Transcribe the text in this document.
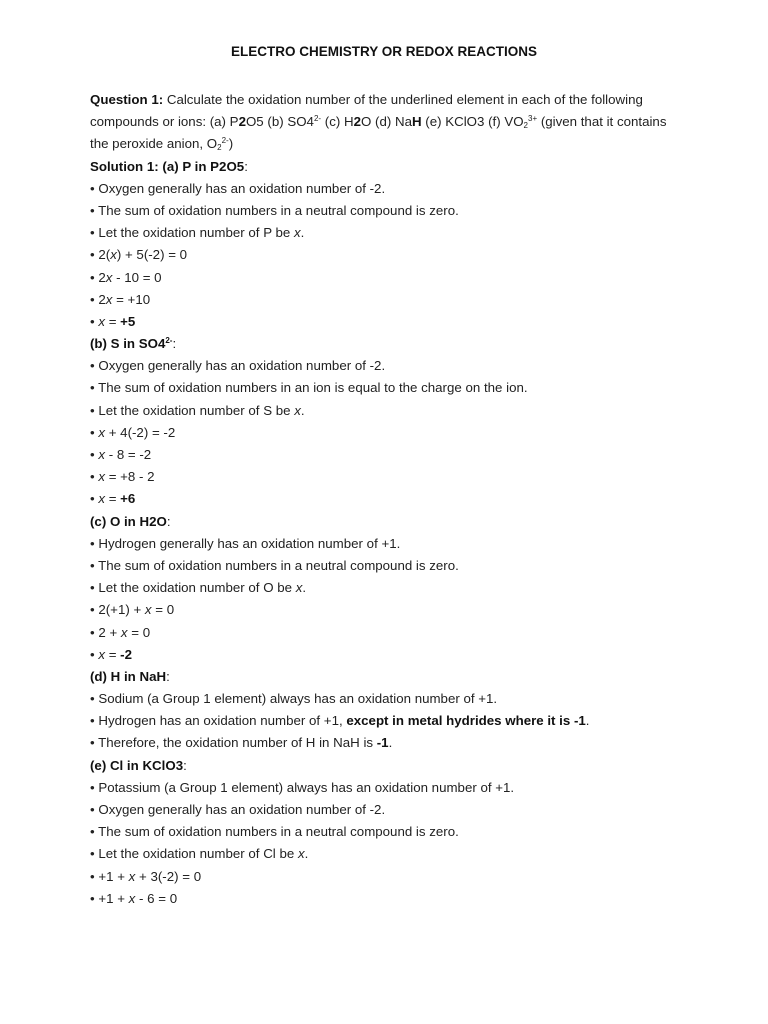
ELECTRO CHEMISTRY OR REDOX REACTIONS
Question 1: Calculate the oxidation number of the underlined element in each of the following
compounds or ions: (a) P2O5 (b) $SO4^{2-}$ (c) H2O (d) NaH (e) KClO3 (f) $VO_2^{3+}$ (given that it contains
the peroxide anion, $O_2^{2-}$)
Solution 1: (a) P in P2O5:
• Oxygen generally has an oxidation number of -2.
• The sum of oxidation numbers in a neutral compound is zero.
• Let the oxidation number of P be x.
• 2(x) + 5(-2) = 0
• 2x - 10 = 0
• 2x = +10
• x = +5
(b) S in $SO4^{2-}$:
• Oxygen generally has an oxidation number of -2.
• The sum of oxidation numbers in an ion is equal to the charge on the ion.
• Let the oxidation number of S be x.
• x + 4(-2) = -2
• x - 8 = -2
• x = +8 - 2
• x = +6
(c) O in H2O:
• Hydrogen generally has an oxidation number of +1.
• The sum of oxidation numbers in a neutral compound is zero.
• Let the oxidation number of O be x.
• 2(+1) + x = 0
• 2 + x = 0
• x = -2
(d) H in NaH:
• Sodium (a Group 1 element) always has an oxidation number of +1.
• Hydrogen has an oxidation number of +1, except in metal hydrides where it is -1.
• Therefore, the oxidation number of H in NaH is -1.
(e) Cl in KClO3:
• Potassium (a Group 1 element) always has an oxidation number of +1.
• Oxygen generally has an oxidation number of -2.
• The sum of oxidation numbers in a neutral compound is zero.
• Let the oxidation number of Cl be x.
• +1 + x + 3(-2) = 0
• +1 + x - 6 = 0
